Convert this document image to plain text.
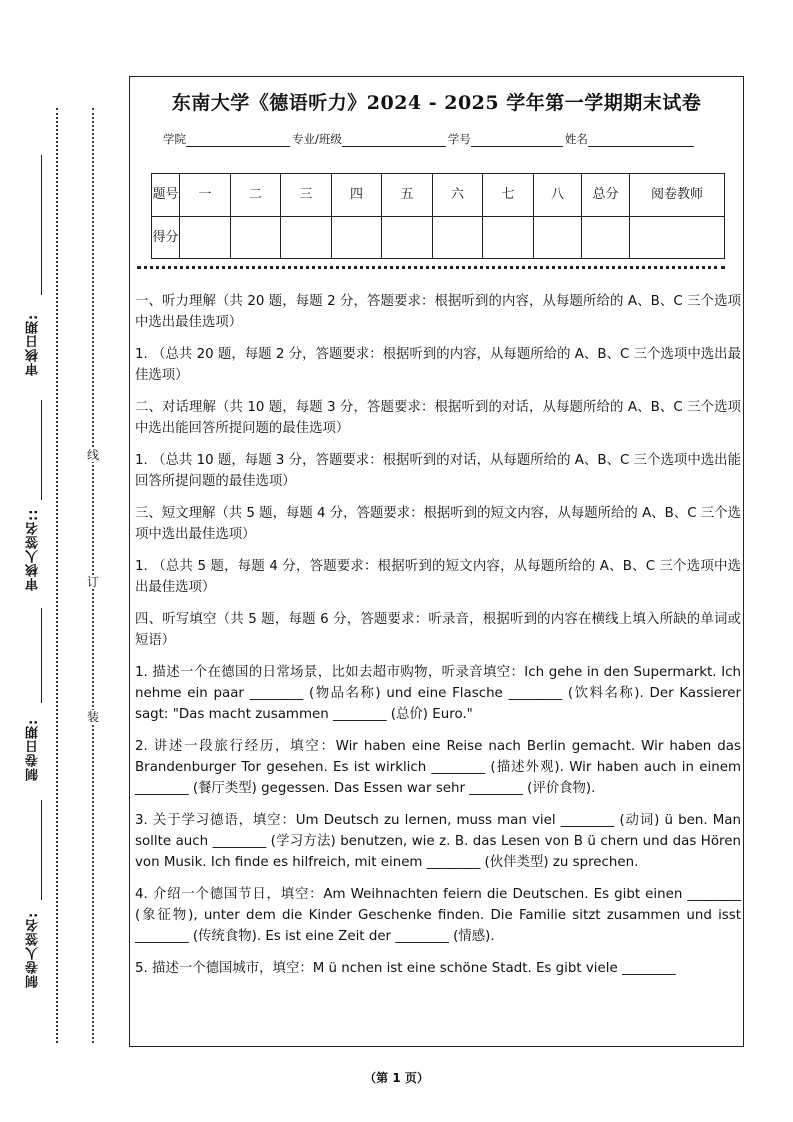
审核日期:
审核人签名::
制卷日期:
制卷人签名:
线
订
装
东南大学《德语听力》2024 - 2025 学年第一学期期末试卷
学院	专业/班级	学号	姓名
题号	一	二	三	四	五	六	七	八	总分	阅卷教师
得分										

一、听力理解（共 20 题，每题 2 分，答题要求：根据听到的内容，从每题所给的 A、B、C 三个选项中选出最佳选项）

1. （总共 20 题，每题 2 分，答题要求：根据听到的内容，从每题所给的 A、B、C 三个选项中选出最佳选项）

二、对话理解（共 10 题，每题 3 分，答题要求：根据听到的对话，从每题所给的 A、B、C 三个选项中选出能回答所提问题的最佳选项）

1. （总共 10 题，每题 3 分，答题要求：根据听到的对话，从每题所给的 A、B、C 三个选项中选出能回答所提问题的最佳选项）

三、短文理解（共 5 题，每题 4 分，答题要求：根据听到的短文内容，从每题所给的 A、B、C 三个选项中选出最佳选项）

1. （总共 5 题，每题 4 分，答题要求：根据听到的短文内容，从每题所给的 A、B、C 三个选项中选出最佳选项）

四、听写填空（共 5 题，每题 6 分，答题要求：听录音，根据听到的内容在横线上填入所缺的单词或短语）

1. 描述一个在德国的日常场景，比如去超市购物，听录音填空：Ich gehe in den Supermarkt. Ich nehme ein paar ________ (物品名称) und eine Flasche ________ (饮料名称). Der Kassierer sagt: "Das macht zusammen ________ (总价) Euro."

2. 讲述一段旅行经历，填空：Wir haben eine Reise nach Berlin gemacht. Wir haben das Brandenburger Tor gesehen. Es ist wirklich ________ (描述外观). Wir haben auch in einem ________ (餐厅类型) gegessen. Das Essen war sehr ________ (评价食物).

3. 关于学习德语，填空：Um Deutsch zu lernen, muss man viel ________ (动词) ü ben. Man sollte auch ________ (学习方法) benutzen, wie z. B. das Lesen von B ü chern und das Hören von Musik. Ich finde es hilfreich, mit einem ________ (伙伴类型) zu sprechen.

4. 介绍一个德国节日，填空：Am Weihnachten feiern die Deutschen. Es gibt einen ________ (象征物), unter dem die Kinder Geschenke finden. Die Familie sitzt zusammen und isst ________ (传统食物). Es ist eine Zeit der ________ (情感).

5. 描述一个德国城市，填空：M ü nchen ist eine schöne Stadt. Es gibt viele ________

（第 1 页）
